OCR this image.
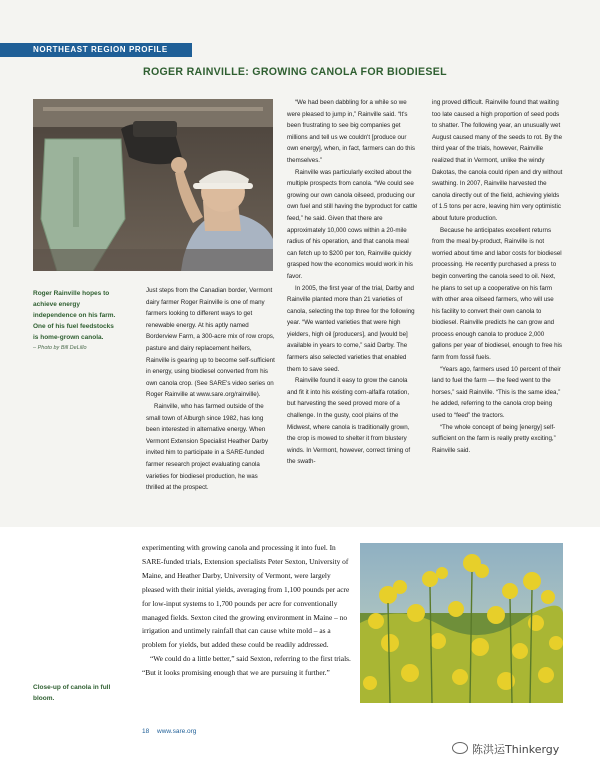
NORTHEAST REGION PROFILE
ROGER RAINVILLE: GROWING CANOLA FOR BIODIESEL
Roger Rainville hopes to achieve energy independence on his farm. One of his fuel feedstocks is home-grown canola.
– Photo by Bill DeLillo

Just steps from the Canadian border, Vermont dairy farmer Roger Rainville is one of many farmers looking to different ways to get renewable energy. At his aptly named Borderview Farm, a 300-acre mix of row crops, pasture and dairy replacement heifers, Rainville is gearing up to become self-sufficient in energy, using biodiesel converted from his own canola crop. (See SARE's video series on Roger Rainville at www.sare.org/rainville).

Rainville, who has farmed outside of the small town of Alburgh since 1982, has long been interested in alternative energy. When Vermont Extension Specialist Heather Darby invited him to participate in a SARE-funded farmer research project evaluating canola varieties for biodiesel production, he was thrilled at the prospect.

“We had been dabbling for a while so we were pleased to jump in,” Rainville said. “It's been frustrating to see big companies get millions and tell us we couldn't [produce our own energy], when, in fact, farmers can do this themselves.”

Rainville was particularly excited about the multiple prospects from canola. “We could see growing our own canola oilseed, producing our own fuel and still having the byproduct for cattle feed,” he said. Given that there are approximately 10,000 cows within a 20-mile radius of his operation, and that canola meal can fetch up to $200 per ton, Rainville quickly grasped how the economics would work in his favor.

In 2005, the first year of the trial, Darby and Rainville planted more than 21 varieties of canola, selecting the top three for the following year. “We wanted varieties that were high yielders, high oil [producers], and [would be] available in years to come,” said Darby. The farmers also selected varieties that enabled them to save seed.

Rainville found it easy to grow the canola and fit it into his existing corn-alfalfa rotation, but harvesting the seed proved more of a challenge. In the gusty, cool plains of the Midwest, where canola is traditionally grown, the crop is mowed to shelter it from blustery winds. In Vermont, however, correct timing of the swath-

ing proved difficult. Rainville found that waiting too late caused a high proportion of seed pods to shatter. The following year, an unusually wet August caused many of the seeds to rot. By the third year of the trials, however, Rainville realized that in Vermont, unlike the windy Dakotas, the canola could ripen and dry without swathing. In 2007, Rainville harvested the canola directly out of the field, achieving yields of 1.5 tons per acre, leaving him very optimistic about future production.

Because he anticipates excellent returns from the meal by-product, Rainville is not worried about time and labor costs for biodiesel processing. He recently purchased a press to begin converting the canola seed to oil. Next, he plans to set up a cooperative on his farm with other area oilseed farmers, who will use his facility to convert their own canola to biodiesel. Rainville predicts he can grow and process enough canola to produce 2,000 gallons per year of biodiesel, enough to free his farm from fossil fuels.

“Years ago, farmers used 10 percent of their land to fuel the farm — the feed went to the horses,” said Rainville. “This is the same idea,” he added, referring to the canola crop being used to “feed” the tractors.

“The whole concept of being [energy] self-sufficient on the farm is really pretty exciting,” Rainville said.

experimenting with growing canola and processing it into fuel. In SARE-funded trials, Extension specialists Peter Sexton, University of Maine, and Heather Darby, University of Vermont, were largely pleased with their initial yields, averaging from 1,100 pounds per acre for low-input systems to 1,700 pounds per acre for conventionally managed fields. Sexton cited the growing environment in Maine – no irrigation and untimely rainfall that can cause white mold – as a problem for yields, but added these could be readily addressed.

“We could do a little better,” said Sexton, referring to the first trials. “But it looks promising enough that we are pursuing it further.”

Close-up of canola in full bloom.
18 www.sare.org
陈洪运Thinkergy
